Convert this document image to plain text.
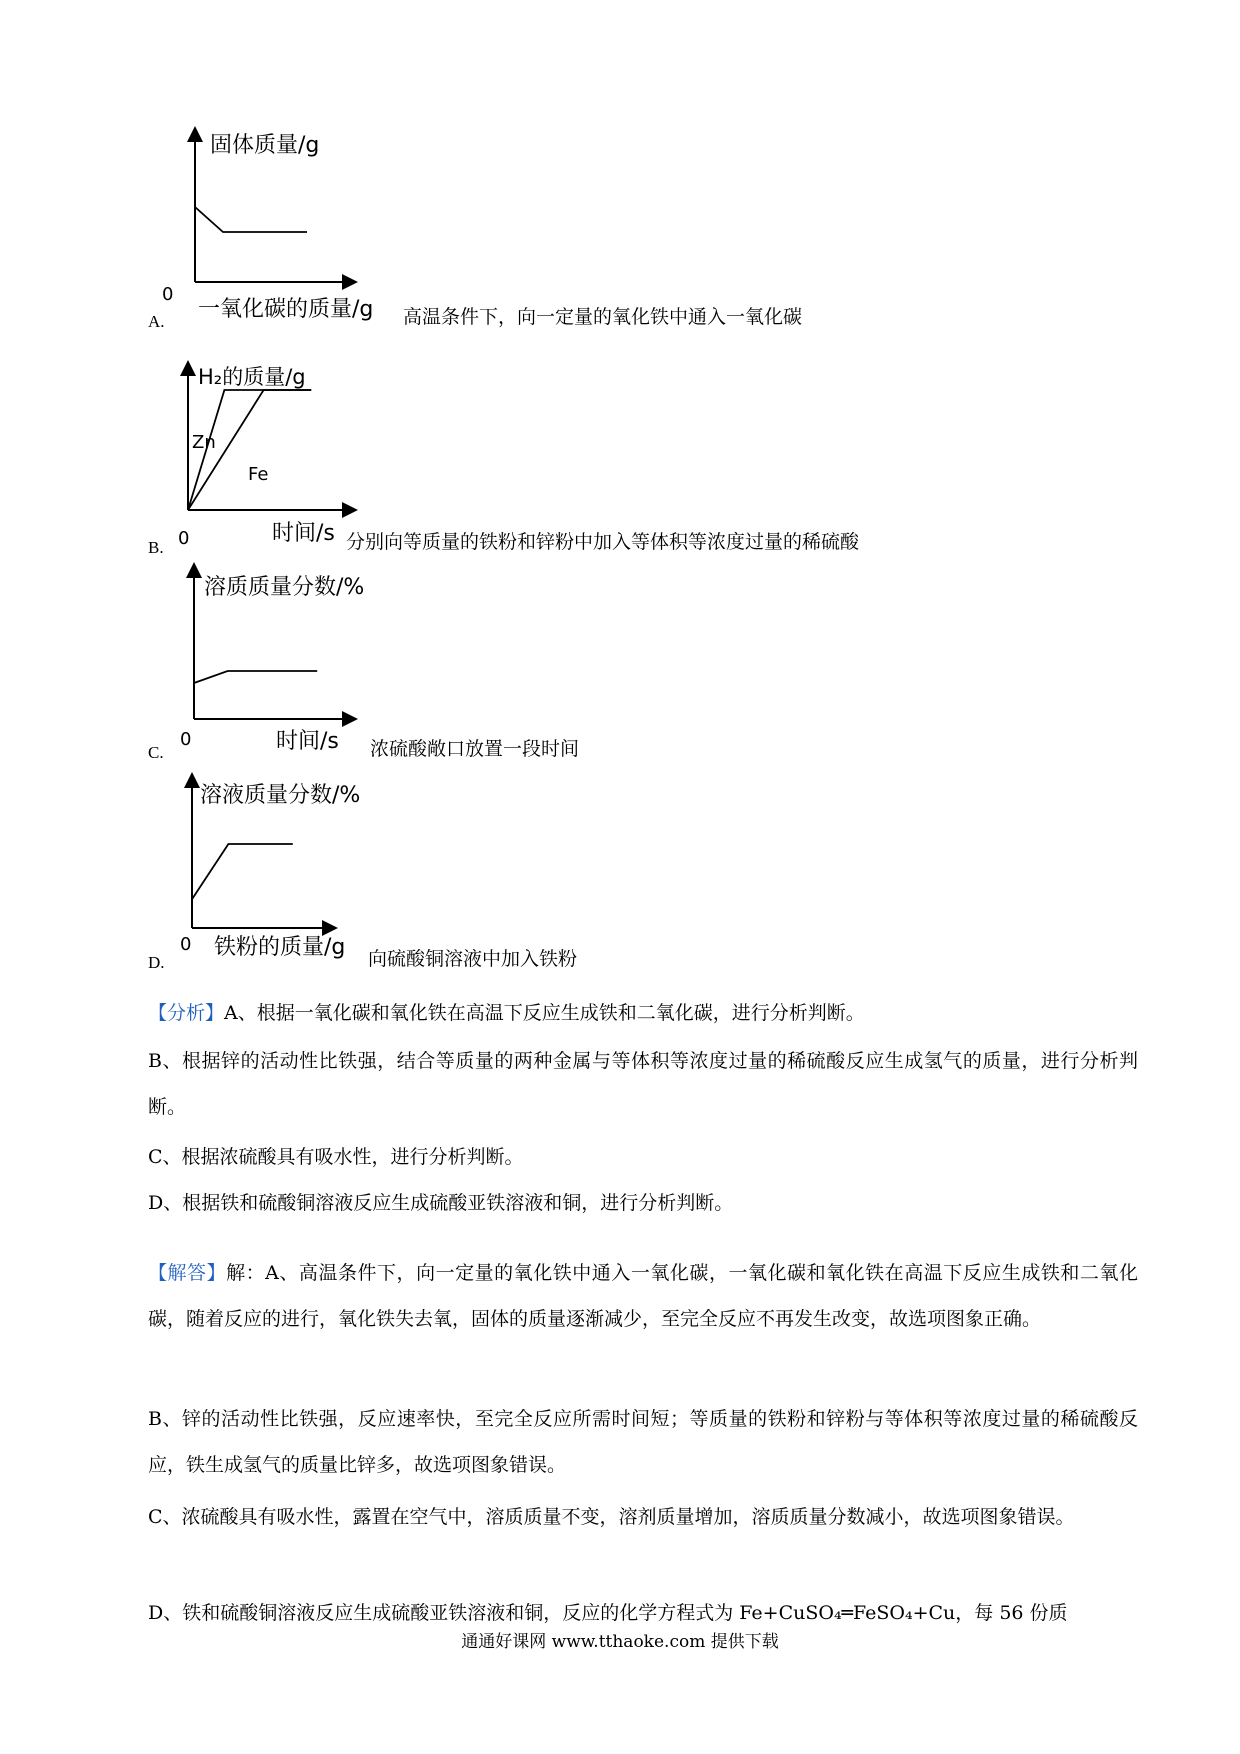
A.
固体质量/g
0
一氧化碳的质量/g 高温条件下，向一定量的氧化铁中通入一氧化碳
B.
H₂的质量/g
Zn
Fe
0	时间/s 分别向等质量的铁粉和锌粉中加入等体积等浓度过量的稀硫酸
C.
溶质质量分数/%
0	时间/s 浓硫酸敞口放置一段时间
D.
溶液质量分数/%
0 铁粉的质量/g 向硫酸铜溶液中加入铁粉

【分析】A、根据一氧化碳和氧化铁在高温下反应生成铁和二氧化碳，进行分析判断。

B、根据锌的活动性比铁强，结合等质量的两种金属与等体积等浓度过量的稀硫酸反应生成氢气的质量，进行分析判断。

C、根据浓硫酸具有吸水性，进行分析判断。

D、根据铁和硫酸铜溶液反应生成硫酸亚铁溶液和铜，进行分析判断。

【解答】解：A、高温条件下，向一定量的氧化铁中通入一氧化碳，一氧化碳和氧化铁在高温下反应生成铁和二氧化碳，随着反应的进行，氧化铁失去氧，固体的质量逐渐减少，至完全反应不再发生改变，故选项图象正确。

B、锌的活动性比铁强，反应速率快，至完全反应所需时间短；等质量的铁粉和锌粉与等体积等浓度过量的稀硫酸反应，铁生成氢气的质量比锌多，故选项图象错误。

C、浓硫酸具有吸水性，露置在空气中，溶质质量不变，溶剂质量增加，溶质质量分数减小，故选项图象错误。

D、铁和硫酸铜溶液反应生成硫酸亚铁溶液和铜，反应的化学方程式为 Fe+CuSO₄═FeSO₄+Cu，每 56 份质

通通好课网 www.tthaoke.com 提供下载
